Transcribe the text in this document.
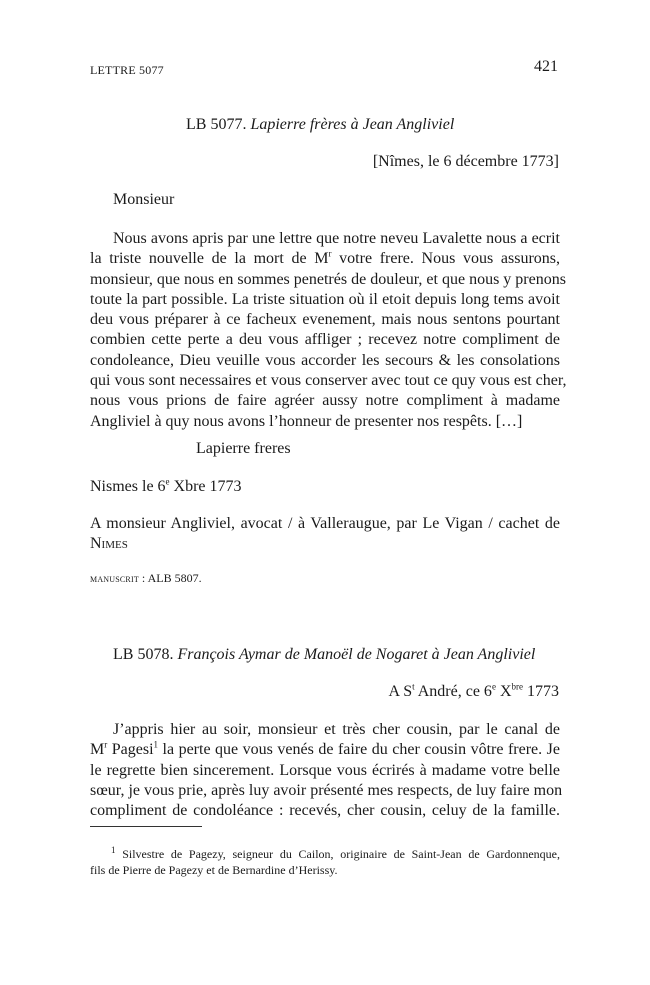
LETTRE 5077	421
LB 5077. Lapierre frères à Jean Angliviel
[Nîmes, le 6 décembre 1773]
Monsieur
Nous avons apris par une lettre que notre neveu Lavalette nous a ecrit
la triste nouvelle de la mort de $M^r$ votre frere. Nous vous assurons,
monsieur, que nous en sommes penetrés de douleur, et que nous y prenons
toute la part possible. La triste situation où il etoit depuis long tems avoit
deu vous préparer à ce facheux evenement, mais nous sentons pourtant
combien cette perte a deu vous affliger ; recevez notre compliment de
condoleance, Dieu veuille vous accorder les secours & les consolations
qui vous sont necessaires et vous conserver avec tout ce quy vous est cher,
nous vous prions de faire agréer aussy notre compliment à madame
Angliviel à quy nous avons l’honneur de presenter nos respêts. […]
Lapierre freres
Nismes le 6e Xbre 1773
A monsieur Angliviel, avocat / à Valleraugue, par Le Vigan / cachet de
Nimes
manuscrit : ALB 5807.
LB 5078. François Aymar de Manoël de Nogaret à Jean Angliviel
A $S^t$ André, ce 6e $X^{bre}$ 1773
J’appris hier au soir, monsieur et très cher cousin, par le canal de
$M^r$ Pagesi$^1$ la perte que vous venés de faire du cher cousin vôtre frere. Je
le regrette bien sincerement. Lorsque vous écrirés à madame votre belle
sœur, je vous prie, après luy avoir présenté mes respects, de luy faire mon
compliment de condoléance : recevés, cher cousin, celuy de la famille.
$^1$ Silvestre de Pagezy, seigneur du Cailon, originaire de Saint-Jean de Gardonnenque,
fils de Pierre de Pagezy et de Bernardine d’Herissy.
